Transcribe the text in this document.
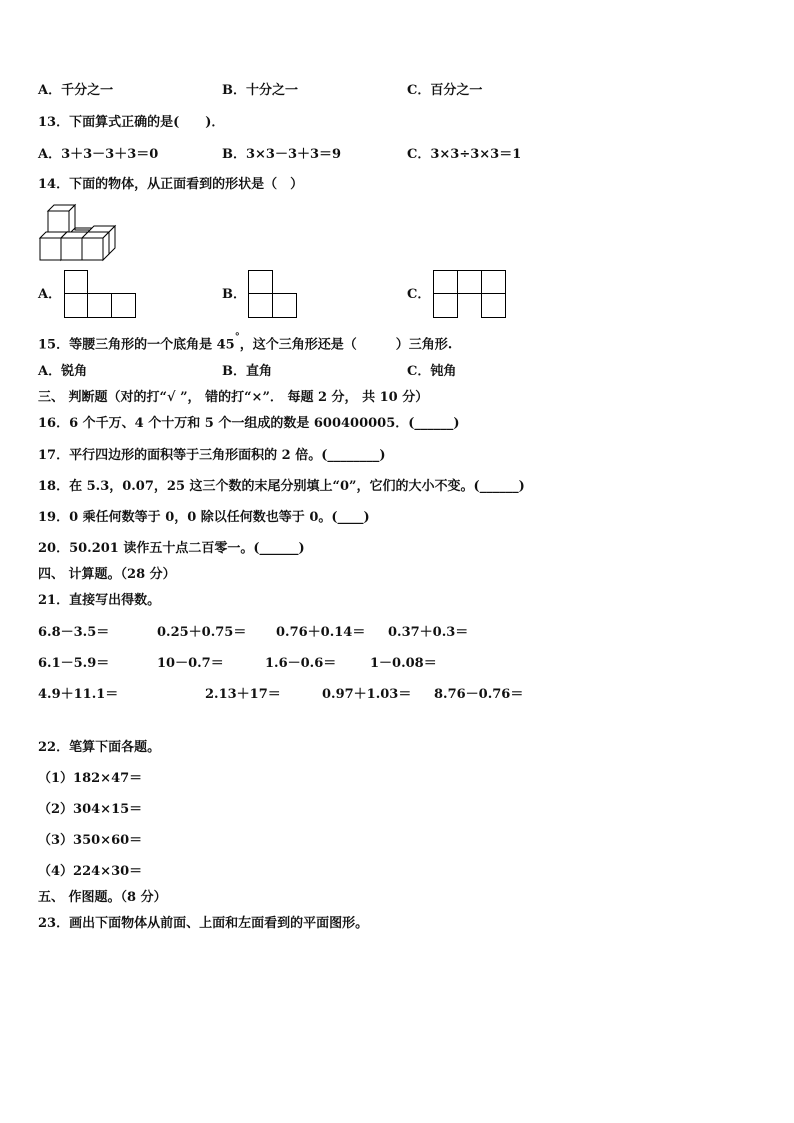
A．千分之一	B．十分之一	C．百分之一
13．下面算式正确的是(　　)．
A．3＋3－3＋3＝0	B．3×3－3＋3＝9	C．3×3÷3×3＝1
14．下面的物体，从正面看到的形状是（　）
A．	B．	C．
15．等腰三角形的一个底角是 45°，这个三角形还是（　　　）三角形.
A．锐角	B．直角	C．钝角
三、 判断题（对的打“√ ”， 错的打“×”． 每题 2 分， 共 10 分）
16．6 个千万、4 个十万和 5 个一组成的数是 600400005．(______)
17．平行四边形的面积等于三角形面积的 2 倍。(________)
18．在 5.3，0.07，25 这三个数的末尾分别填上“0”，它们的大小不变。(______)
19．0 乘任何数等于 0，0 除以任何数也等于 0。(____)
20．50.201 读作五十点二百零一。(______)
四、 计算题。（28 分）
21．直接写出得数。
6.8－3.5＝	0.25＋0.75＝ 0.76＋0.14＝ 0.37＋0.3＝
6.1－5.9＝	10－0.7＝	1.6－0.6＝	1－0.08＝
4.9＋11.1＝	2.13＋17＝	0.97＋1.03＝ 8.76－0.76＝
22．笔算下面各题。
（1）182×47＝
（2）304×15＝
（3）350×60＝
（4）224×30＝
五、 作图题。（8 分）
23．画出下面物体从前面、上面和左面看到的平面图形。
